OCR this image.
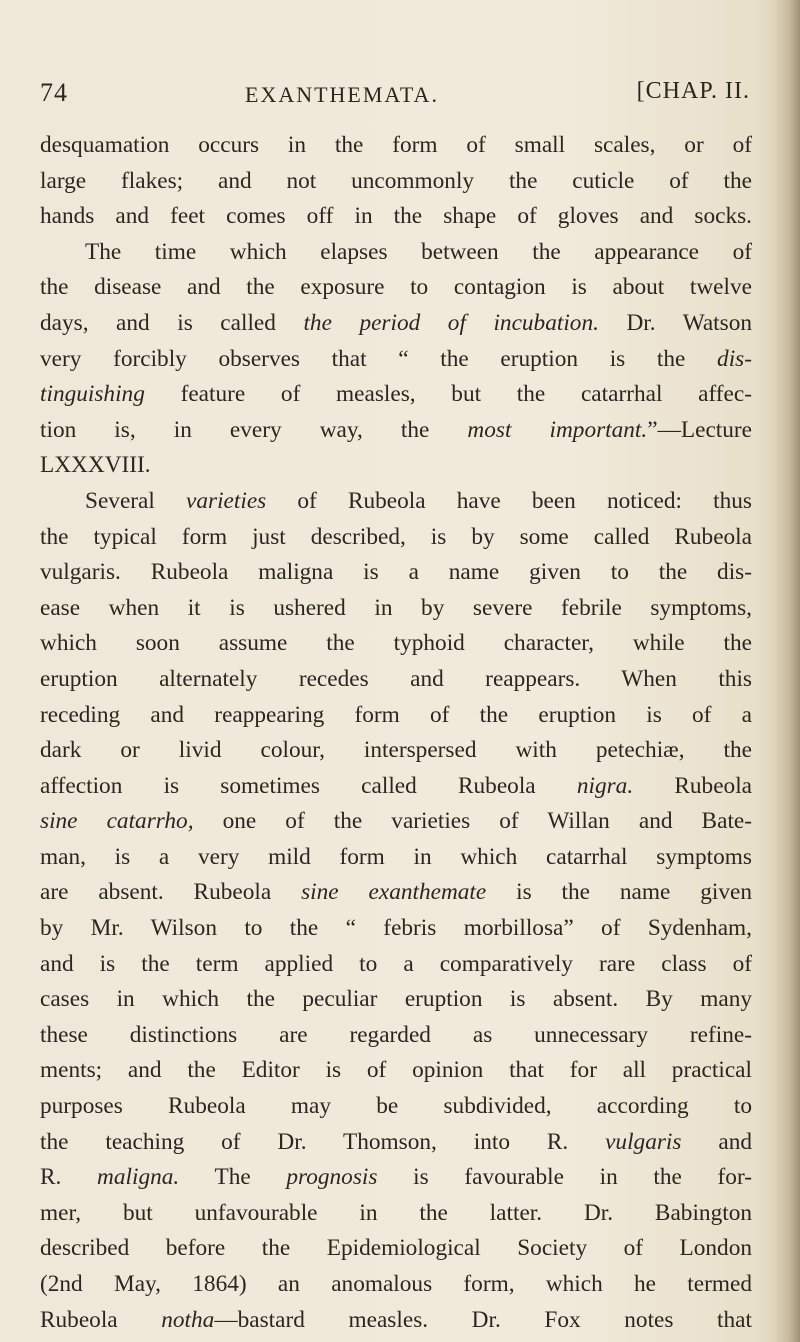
74	EXANTHEMATA.	[CHAP. II.
desquamation occurs in the form of small scales, or of
large flakes; and not uncommonly the cuticle of the
hands and feet comes off in the shape of gloves and socks.
The time which elapses between the appearance of
the disease and the exposure to contagion is about twelve
days, and is called the period of incubation. Dr. Watson
very forcibly observes that “ the eruption is the dis-
tinguishing feature of measles, but the catarrhal affec-
tion is, in every way, the most important.”—Lecture
LXXXVIII.
Several varieties of Rubeola have been noticed: thus
the typical form just described, is by some called Rubeola
vulgaris. Rubeola maligna is a name given to the dis-
ease when it is ushered in by severe febrile symptoms,
which soon assume the typhoid character, while the
eruption alternately recedes and reappears. When this
receding and reappearing form of the eruption is of a
dark or livid colour, interspersed with petechiæ, the
affection is sometimes called Rubeola nigra. Rubeola
sine catarrho, one of the varieties of Willan and Bate-
man, is a very mild form in which catarrhal symptoms
are absent. Rubeola sine exanthemate is the name given
by Mr. Wilson to the “ febris morbillosa” of Sydenham,
and is the term applied to a comparatively rare class of
cases in which the peculiar eruption is absent. By many
these distinctions are regarded as unnecessary refine-
ments; and the Editor is of opinion that for all practical
purposes Rubeola may be subdivided, according to
the teaching of Dr. Thomson, into R. vulgaris and
R. maligna. The prognosis is favourable in the for-
mer, but unfavourable in the latter. Dr. Babington
described before the Epidemiological Society of London
(2nd May, 1864) an anomalous form, which he termed
Rubeola notha—bastard measles. Dr. Fox notes that
